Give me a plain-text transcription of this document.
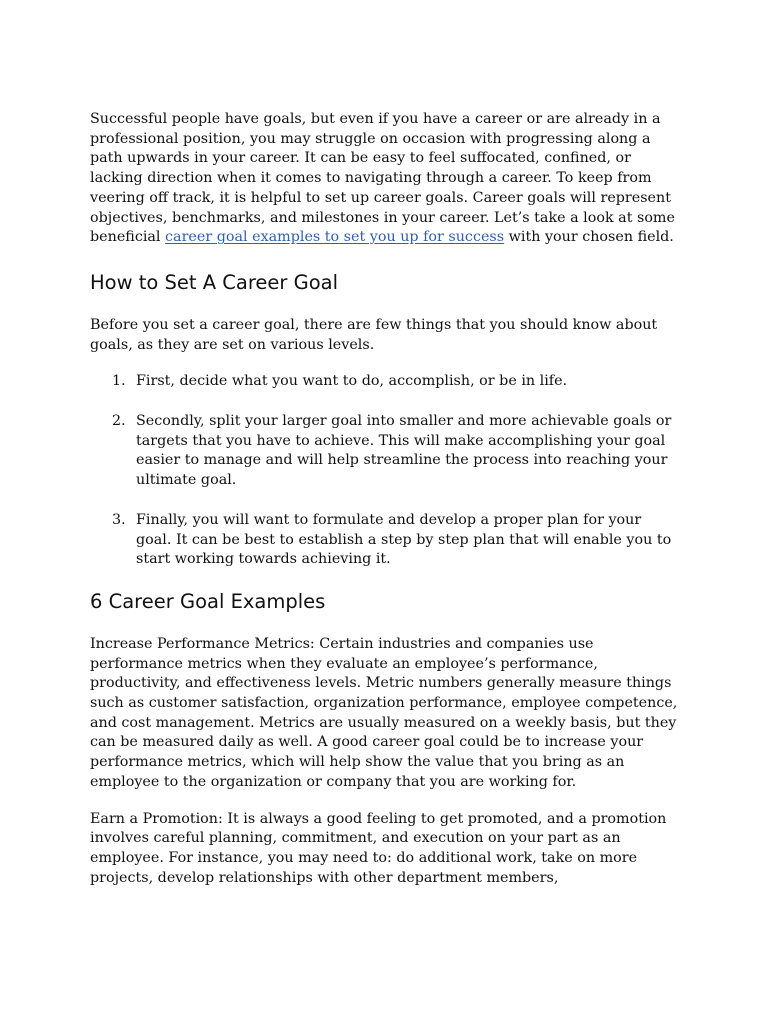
Successful people have goals, but even if you have a career or are already in a professional position, you may struggle on occasion with progressing along a path upwards in your career. It can be easy to feel suffocated, confined, or lacking direction when it comes to navigating through a career. To keep from veering off track, it is helpful to set up career goals. Career goals will represent objectives, benchmarks, and milestones in your career. Let’s take a look at some beneficial career goal examples to set you up for success with your chosen field.

How to Set A Career Goal

Before you set a career goal, there are few things that you should know about goals, as they are set on various levels.

1. First, decide what you want to do, accomplish, or be in life.
2. Secondly, split your larger goal into smaller and more achievable goals or targets that you have to achieve. This will make accomplishing your goal easier to manage and will help streamline the process into reaching your ultimate goal.
3. Finally, you will want to formulate and develop a proper plan for your goal. It can be best to establish a step by step plan that will enable you to start working towards achieving it.
6 Career Goal Examples

Increase Performance Metrics: Certain industries and companies use performance metrics when they evaluate an employee’s performance, productivity, and effectiveness levels. Metric numbers generally measure things such as customer satisfaction, organization performance, employee competence, and cost management. Metrics are usually measured on a weekly basis, but they can be measured daily as well. A good career goal could be to increase your performance metrics, which will help show the value that you bring as an employee to the organization or company that you are working for.

Earn a Promotion: It is always a good feeling to get promoted, and a promotion involves careful planning, commitment, and execution on your part as an employee. For instance, you may need to: do additional work, take on more projects, develop relationships with other department members,
